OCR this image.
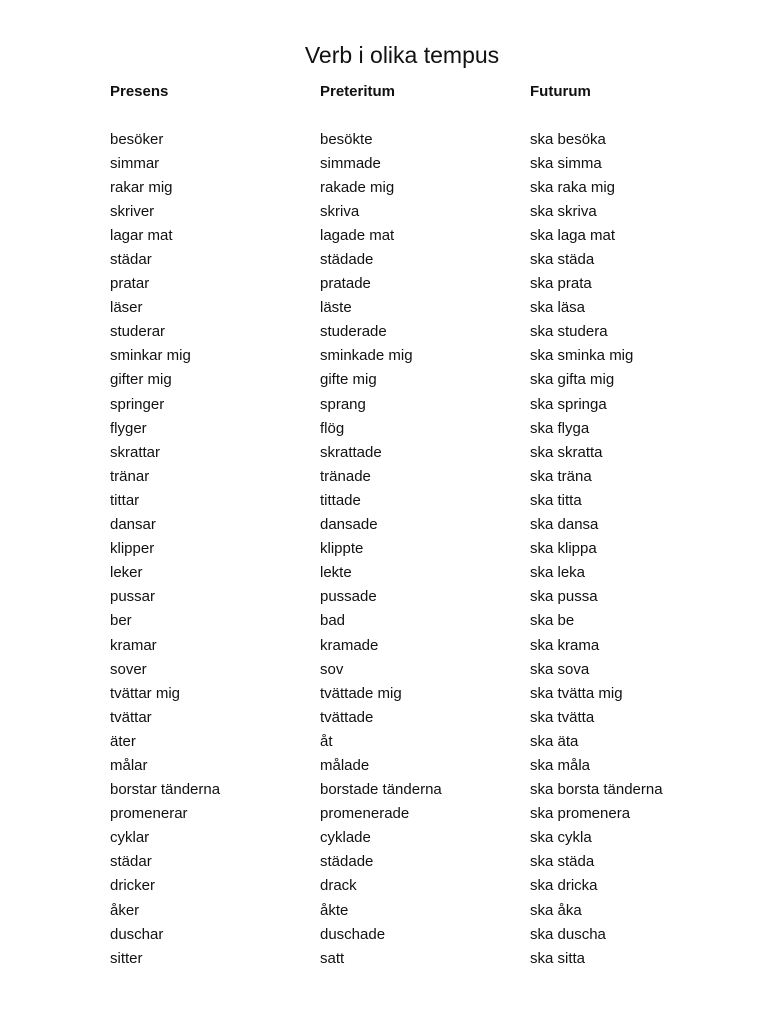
Verb i olika tempus
Presens	Preteritum	Futurum

besöker	besökte	ska besöka
simmar	simmade	ska simma
rakar mig	rakade mig	ska raka mig
skriver	skriva	ska skriva
lagar mat	lagade mat	ska laga mat
städar	städade	ska städa
pratar	pratade	ska prata
läser	läste	ska läsa
studerar	studerade	ska studera
sminkar mig	sminkade mig	ska sminka mig
gifter mig	gifte mig	ska gifta mig
springer	sprang	ska springa
flyger	flög	ska flyga
skrattar	skrattade	ska skratta
tränar	tränade	ska träna
tittar	tittade	ska titta
dansar	dansade	ska dansa
klipper	klippte	ska klippa
leker	lekte	ska leka
pussar	pussade	ska pussa
ber	bad	ska be
kramar	kramade	ska krama
sover	sov	ska sova
tvättar mig	tvättade mig	ska tvätta mig
tvättar	tvättade	ska tvätta
äter	åt	ska äta
målar	målade	ska måla
borstar tänderna	borstade tänderna	ska borsta tänderna
promenerar	promenerade	ska promenera
cyklar	cyklade	ska cykla
städar	städade	ska städa
dricker	drack	ska dricka
åker	åkte	ska åka
duschar	duschade	ska duscha
sitter	satt	ska sitta
